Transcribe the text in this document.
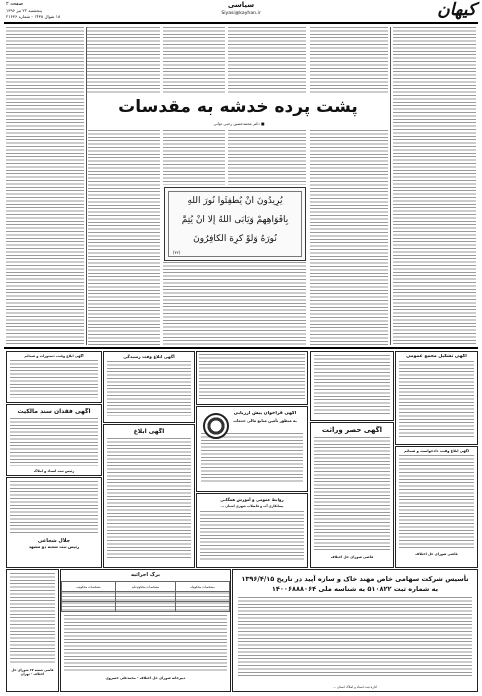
کیهان
سیاسی
Siyasi@kayhan.ir
صفحه ۲
پنجشنبه ۲۲ تیر ۱۳۹۶
۱۸ شوال ۱۴۳۸ - شماره ۲۱۶۳۶
پشت پرده خدشه به مقدسات
■ دکتر محمدحسین رجبی دوانی
یُرِیدُونَ أَنْ یُطْفِئُوا نُورَ اللَّهِ
بِأَفْوَاهِهِمْ وَیَأْبَى اللَّهُ إِلَّا أَنْ یُتِمَّ
نُورَهُ وَلَوْ كَرِهَ الْكَافِرُونَ
(۳۲)
آگهی تشکیل مجمع عمومی
آگهی ابلاغ وقت، دادخواست و ضمائم
قاضی شورای حل اختلاف
آگهی حصر وراثت
قاضی شورای حل اختلاف
آگهی فراخوان پیش ارزیابی
به منظور تأمین منابع مالی خدمات
روابط عمومی و آموزش همگانی
پیمانکاری آب و فاضلاب شهری استان ...
آگهی ابلاغ وقت رسیدگی
آگهی ابلاغ
آگهی ابلاغ وقت، دستورات و ضمائم
آگهی فقدان سند مالکیت
رئیس ثبت اسناد و املاک
جلال شجاعی
رئیس ثبت شعبه دو مشهد
تأسیس شرکت سهامی خاص مهند خاک و سازه آپید در تاریخ ۱۳۹۶/۴/۱۵ به شماره ثبت ۵۱۰۸۲۲ به شناسه ملی ۱۴۰۰۶۸۸۸۰۶۴
اداره ثبت اسناد و املاک استان ...
برگ اجرائیه
مشخصات محکوم‌به	مشخصات محکوم‌علیه	مشخصات محکوم‌له

دبیرخانه شورای حل اختلاف - محمدعلی خسروی
قاضی شعبه ۶۷ شورای حل اختلاف - تهران
